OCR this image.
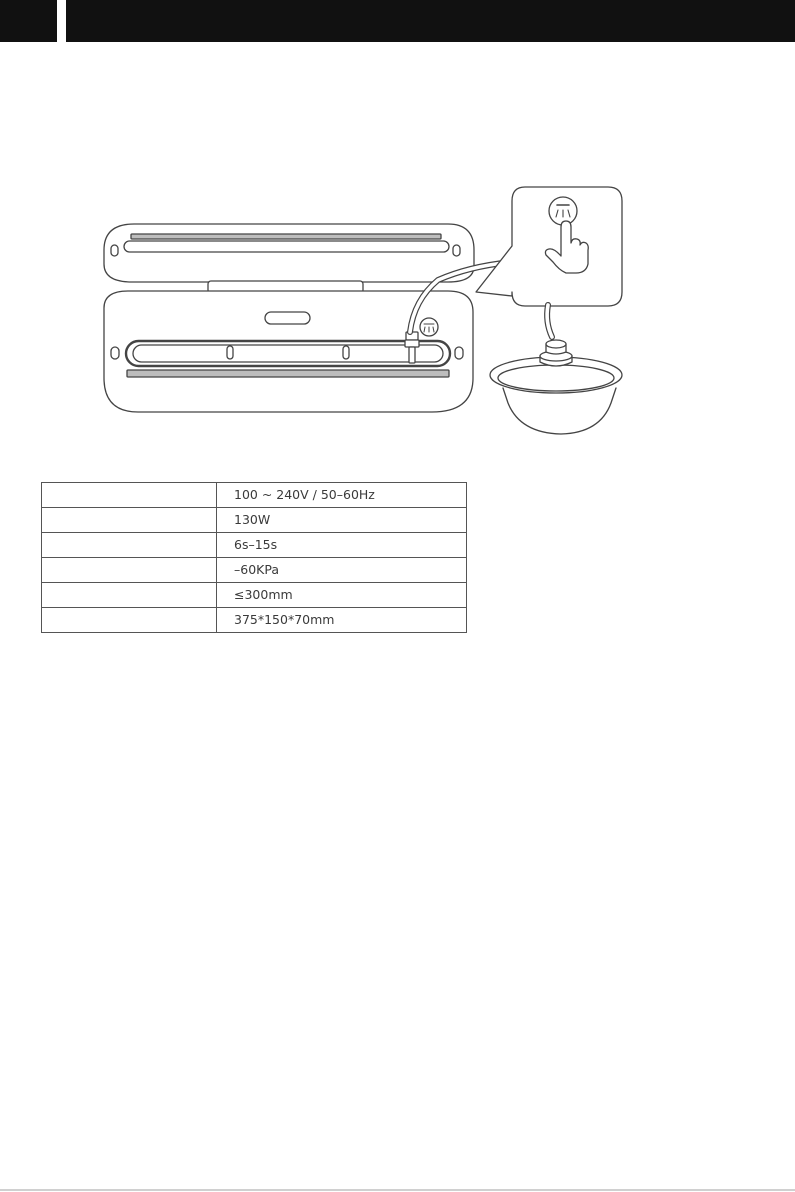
	100 ~ 240V / 50–60Hz
	130W
	6s–15s
	–60KPa
	≤300mm
	375*150*70mm
